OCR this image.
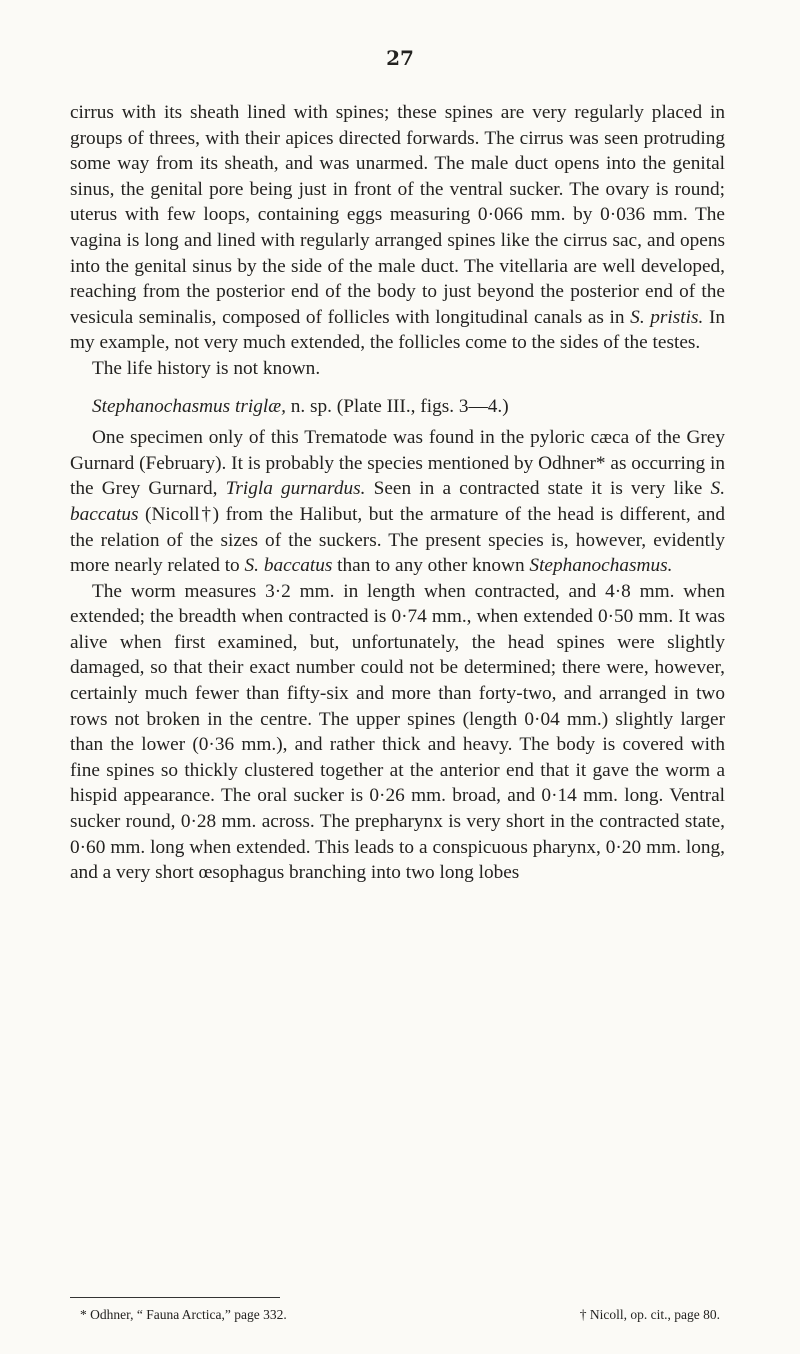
27

cirrus with its sheath lined with spines; these spines are very regularly placed in groups of threes, with their apices directed forwards. The cirrus was seen protruding some way from its sheath, and was unarmed. The male duct opens into the genital sinus, the genital pore being just in front of the ventral sucker. The ovary is round; uterus with few loops, containing eggs measuring 0·066 mm. by 0·036 mm. The vagina is long and lined with regularly arranged spines like the cirrus sac, and opens into the genital sinus by the side of the male duct. The vitellaria are well developed, reaching from the posterior end of the body to just beyond the posterior end of the vesicula seminalis, composed of follicles with longitudinal canals as in S. pristis. In my example, not very much extended, the follicles come to the sides of the testes.

The life history is not known.

Stephanochasmus triglæ, n. sp. (Plate III., figs. 3—4.)

One specimen only of this Trematode was found in the pyloric cæca of the Grey Gurnard (February). It is probably the species mentioned by Odhner* as occurring in the Grey Gurnard, Trigla gurnardus. Seen in a contracted state it is very like S. baccatus (Nicoll†) from the Halibut, but the armature of the head is different, and the relation of the sizes of the suckers. The present species is, however, evidently more nearly related to S. baccatus than to any other known Stephanochasmus.

The worm measures 3·2 mm. in length when contracted, and 4·8 mm. when extended; the breadth when contracted is 0·74 mm., when extended 0·50 mm. It was alive when first examined, but, unfortunately, the head spines were slightly damaged, so that their exact number could not be determined; there were, however, certainly much fewer than fifty-six and more than forty-two, and arranged in two rows not broken in the centre. The upper spines (length 0·04 mm.) slightly larger than the lower (0·36 mm.), and rather thick and heavy. The body is covered with fine spines so thickly clustered together at the anterior end that it gave the worm a hispid appearance. The oral sucker is 0·26 mm. broad, and 0·14 mm. long. Ventral sucker round, 0·28 mm. across. The prepharynx is very short in the contracted state, 0·60 mm. long when extended. This leads to a conspicuous pharynx, 0·20 mm. long, and a very short œsophagus branching into two long lobes

* Odhner, “ Fauna Arctica,” page 332.	† Nicoll, op. cit., page 80.
